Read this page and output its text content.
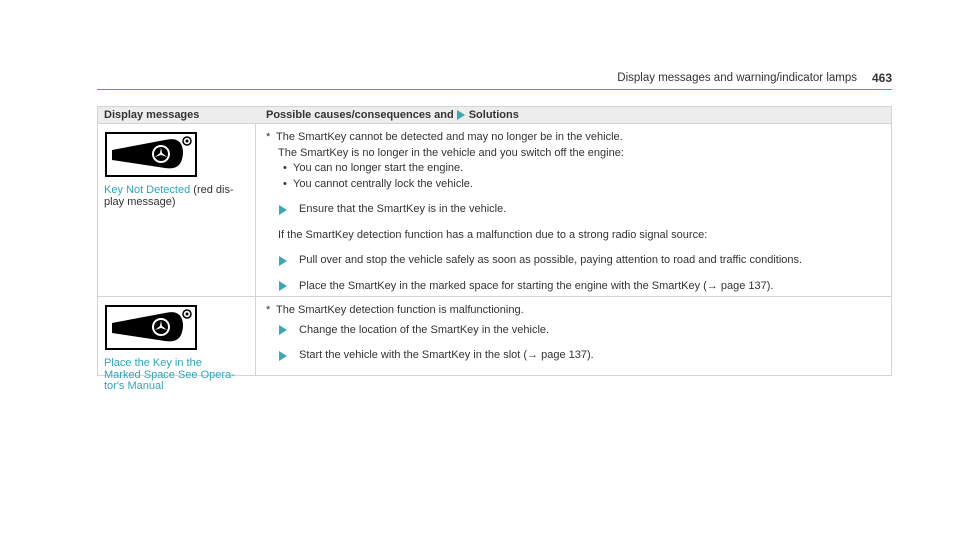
Display messages and warning/indicator lamps 463
Display messages	Possible causes/consequences and Solutions
Key Not Detected (red dis-
play message)
* The SmartKey cannot be detected and may no longer be in the vehicle.
The SmartKey is no longer in the vehicle and you switch off the engine:
• You can no longer start the engine.
• You cannot centrally lock the vehicle.
Ensure that the SmartKey is in the vehicle.
If the SmartKey detection function has a malfunction due to a strong radio signal source:
Pull over and stop the vehicle safely as soon as possible, paying attention to road and traffic conditions.
Place the SmartKey in the marked space for starting the engine with the SmartKey (→ page 137).
Place the Key in the
Marked Space See Opera-
tor's Manual
* The SmartKey detection function is malfunctioning.
Change the location of the SmartKey in the vehicle.
Start the vehicle with the SmartKey in the slot (→ page 137).
